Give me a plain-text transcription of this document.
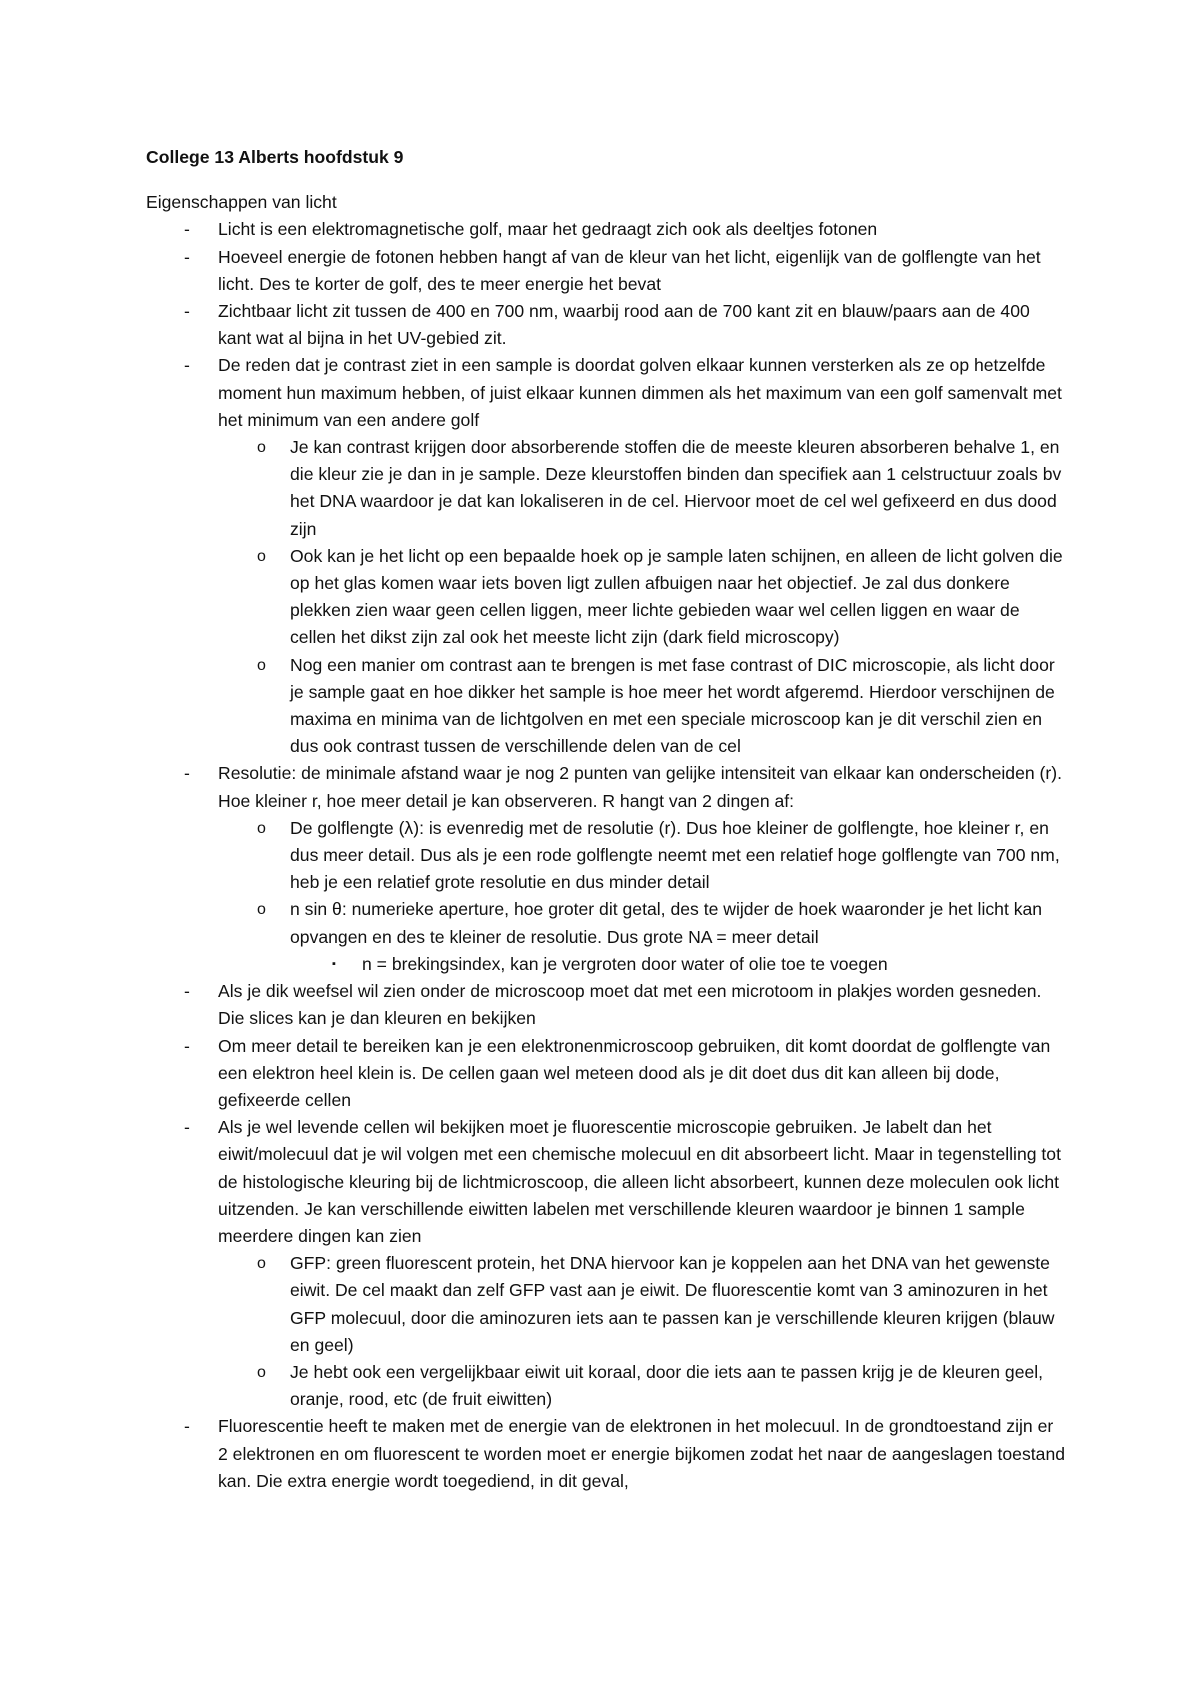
College 13 Alberts hoofdstuk 9
Eigenschappen van licht
- Licht is een elektromagnetische golf, maar het gedraagt zich ook als deeltjes fotonen
- Hoeveel energie de fotonen hebben hangt af van de kleur van het licht, eigenlijk van de golflengte van het licht. Des te korter de golf, des te meer energie het bevat
- Zichtbaar licht zit tussen de 400 en 700 nm, waarbij rood aan de 700 kant zit en blauw/paars aan de 400 kant wat al bijna in het UV-gebied zit.
- De reden dat je contrast ziet in een sample is doordat golven elkaar kunnen versterken als ze op hetzelfde moment hun maximum hebben, of juist elkaar kunnen dimmen als het maximum van een golf samenvalt met het minimum van een andere golf
o Je kan contrast krijgen door absorberende stoffen die de meeste kleuren absorberen behalve 1, en die kleur zie je dan in je sample. Deze kleurstoffen binden dan specifiek aan 1 celstructuur zoals bv het DNA waardoor je dat kan lokaliseren in de cel. Hiervoor moet de cel wel gefixeerd en dus dood zijn
o Ook kan je het licht op een bepaalde hoek op je sample laten schijnen, en alleen de licht golven die op het glas komen waar iets boven ligt zullen afbuigen naar het objectief. Je zal dus donkere plekken zien waar geen cellen liggen, meer lichte gebieden waar wel cellen liggen en waar de cellen het dikst zijn zal ook het meeste licht zijn (dark field microscopy)
o Nog een manier om contrast aan te brengen is met fase contrast of DIC microscopie, als licht door je sample gaat en hoe dikker het sample is hoe meer het wordt afgeremd. Hierdoor verschijnen de maxima en minima van de lichtgolven en met een speciale microscoop kan je dit verschil zien en dus ook contrast tussen de verschillende delen van de cel
- Resolutie: de minimale afstand waar je nog 2 punten van gelijke intensiteit van elkaar kan onderscheiden (r). Hoe kleiner r, hoe meer detail je kan observeren. R hangt van 2 dingen af:
o De golflengte (λ): is evenredig met de resolutie (r). Dus hoe kleiner de golflengte, hoe kleiner r, en dus meer detail. Dus als je een rode golflengte neemt met een relatief hoge golflengte van 700 nm, heb je een relatief grote resolutie en dus minder detail
o n sin θ: numerieke aperture, hoe groter dit getal, des te wijder de hoek waaronder je het licht kan opvangen en des te kleiner de resolutie. Dus grote NA = meer detail
▪ n = brekingsindex, kan je vergroten door water of olie toe te voegen
- Als je dik weefsel wil zien onder de microscoop moet dat met een microtoom in plakjes worden gesneden. Die slices kan je dan kleuren en bekijken
- Om meer detail te bereiken kan je een elektronenmicroscoop gebruiken, dit komt doordat de golflengte van een elektron heel klein is. De cellen gaan wel meteen dood als je dit doet dus dit kan alleen bij dode, gefixeerde cellen
- Als je wel levende cellen wil bekijken moet je fluorescentie microscopie gebruiken. Je labelt dan het eiwit/molecuul dat je wil volgen met een chemische molecuul en dit absorbeert licht. Maar in tegenstelling tot de histologische kleuring bij de lichtmicroscoop, die alleen licht absorbeert, kunnen deze moleculen ook licht uitzenden. Je kan verschillende eiwitten labelen met verschillende kleuren waardoor je binnen 1 sample meerdere dingen kan zien
o GFP: green fluorescent protein, het DNA hiervoor kan je koppelen aan het DNA van het gewenste eiwit. De cel maakt dan zelf GFP vast aan je eiwit. De fluorescentie komt van 3 aminozuren in het GFP molecuul, door die aminozuren iets aan te passen kan je verschillende kleuren krijgen (blauw en geel)
o Je hebt ook een vergelijkbaar eiwit uit koraal, door die iets aan te passen krijg je de kleuren geel, oranje, rood, etc (de fruit eiwitten)
- Fluorescentie heeft te maken met de energie van de elektronen in het molecuul. In de grondtoestand zijn er 2 elektronen en om fluorescent te worden moet er energie bijkomen zodat het naar de aangeslagen toestand kan. Die extra energie wordt toegediend, in dit geval,
